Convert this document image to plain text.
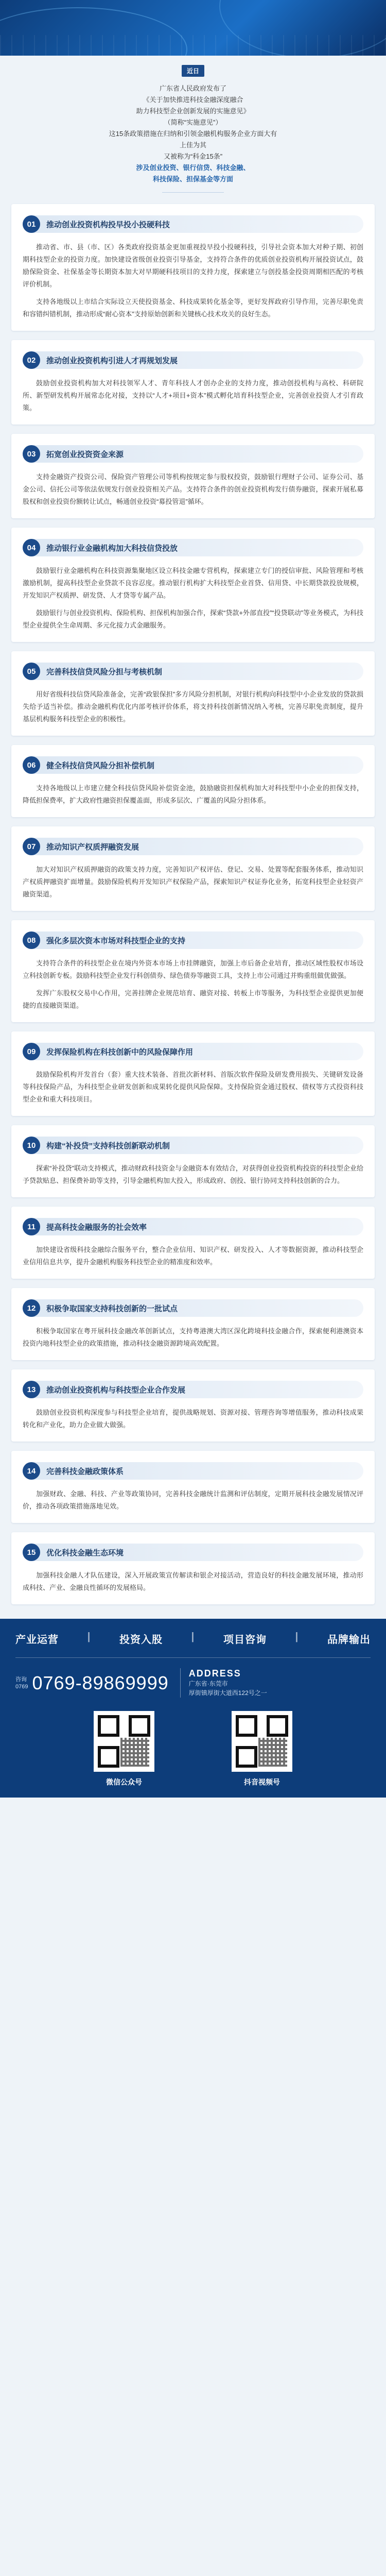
近日

广东省人民政府发布了

《关于加快推进科技金融深度融合

助力科技型企业创新发展的实施意见》

（简称“实施意见”）

这15条政策措施在归纳和引领金融机构服务企业方面大有

上佳为其

又被称为“科金15条”

涉及创业投资、银行信贷、科技金融、

科技保险、担保基金等方面

01	推动创业投资机构投早投小投硬科技

推动省、市、县（市、区）各类政府投资基金更加重视投早投小投硬科技，引导社会资本加大对种子期、初创期科技型企业的投资力度。加快建设省级创业投资引导基金，支持符合条件的优质创业投资机构开展投资试点，鼓励保险资金、社保基金等长期资本加大对早期硬科技项目的支持力度，探索建立与创投基金投资周期相匹配的考核评价机制。

支持各地级以上市结合实际设立天使投资基金、科技成果转化基金等，更好发挥政府引导作用，完善尽职免责和容错纠错机制，推动形成“耐心资本”支持原始创新和关键核心技术攻关的良好生态。

02	推动创业投资机构引进人才再规划发展

鼓励创业投资机构加大对科技领军人才、青年科技人才创办企业的支持力度，推动创投机构与高校、科研院所、新型研发机构开展常态化对接，支持以“人才+项目+资本”模式孵化培育科技型企业，完善创业投资人才引育政策。

03	拓宽创业投资资金来源

支持金融资产投资公司、保险资产管理公司等机构按规定参与股权投资，鼓励银行理财子公司、证券公司、基金公司、信托公司等依法依规发行创业投资相关产品。支持符合条件的创业投资机构发行债券融资，探索开展私募股权和创业投资份额转让试点，畅通创业投资“募投管退”循环。

04	推动银行业金融机构加大科技信贷投放

鼓励银行业金融机构在科技资源集聚地区设立科技金融专营机构，探索建立专门的授信审批、风险管理和考核激励机制，提高科技型企业贷款不良容忍度。推动银行机构扩大科技型企业首贷、信用贷、中长期贷款投放规模，开发知识产权质押、研发贷、人才贷等专属产品。

鼓励银行与创业投资机构、保险机构、担保机构加强合作，探索“贷款+外部直投”“投贷联动”等业务模式，为科技型企业提供全生命周期、多元化接力式金融服务。

05	完善科技信贷风险分担与考核机制

用好省级科技信贷风险准备金，完善“政银保担”多方风险分担机制，对银行机构向科技型中小企业发放的贷款损失给予适当补偿。推动金融机构优化内部考核评价体系，将支持科技创新情况纳入考核，完善尽职免责制度，提升基层机构服务科技型企业的积极性。

06	健全科技信贷风险分担补偿机制

支持各地级以上市建立健全科技信贷风险补偿资金池，鼓励融资担保机构加大对科技型中小企业的担保支持，降低担保费率，扩大政府性融资担保覆盖面，形成多层次、广覆盖的风险分担体系。

07	推动知识产权质押融资发展

加大对知识产权质押融资的政策支持力度，完善知识产权评估、登记、交易、处置等配套服务体系，推动知识产权质押融资扩面增量。鼓励保险机构开发知识产权保险产品，探索知识产权证券化业务，拓宽科技型企业轻资产融资渠道。

08	强化多层次资本市场对科技型企业的支持

支持符合条件的科技型企业在境内外资本市场上市挂牌融资，加强上市后备企业培育，推动区域性股权市场设立科技创新专板。鼓励科技型企业发行科创债券、绿色债券等融资工具，支持上市公司通过并购重组做优做强。

发挥广东股权交易中心作用，完善挂牌企业规范培育、融资对接、转板上市等服务，为科技型企业提供更加便捷的直接融资渠道。

09	发挥保险机构在科技创新中的风险保障作用

鼓励保险机构开发首台（套）重大技术装备、首批次新材料、首版次软件保险及研发费用损失、关键研发设备等科技保险产品，为科技型企业研发创新和成果转化提供风险保障。支持保险资金通过股权、债权等方式投资科技型企业和重大科技项目。

10	构建“补投贷”支持科技创新联动机制

探索“补投贷”联动支持模式，推动财政科技资金与金融资本有效结合，对获得创业投资机构投资的科技型企业给予贷款贴息、担保费补助等支持，引导金融机构加大投入，形成政府、创投、银行协同支持科技创新的合力。

11	提高科技金融服务的社会效率

加快建设省级科技金融综合服务平台，整合企业信用、知识产权、研发投入、人才等数据资源，推动科技型企业信用信息共享，提升金融机构服务科技型企业的精准度和效率。

12	积极争取国家支持科技创新的一批试点

积极争取国家在粤开展科技金融改革创新试点，支持粤港澳大湾区深化跨境科技金融合作，探索便利港澳资本投资内地科技型企业的政策措施，推动科技金融资源跨境高效配置。

13	推动创业投资机构与科技型企业合作发展

鼓励创业投资机构深度参与科技型企业培育，提供战略规划、资源对接、管理咨询等增值服务，推动科技成果转化和产业化，助力企业做大做强。

14	完善科技金融政策体系

加强财政、金融、科技、产业等政策协同，完善科技金融统计监测和评估制度，定期开展科技金融发展情况评价，推动各项政策措施落地见效。

15	优化科技金融生态环境

加强科技金融人才队伍建设，深入开展政策宣传解读和银企对接活动，营造良好的科技金融发展环境，推动形成科技、产业、金融良性循环的发展格局。

产业运营	|	投资入股	|	项目咨询	|	品牌输出
咨询
0769 0769-89869999 ADDRESS
广东省·东莞市
厚街镇厚街大道西122号之一
微信公众号	抖音视频号
